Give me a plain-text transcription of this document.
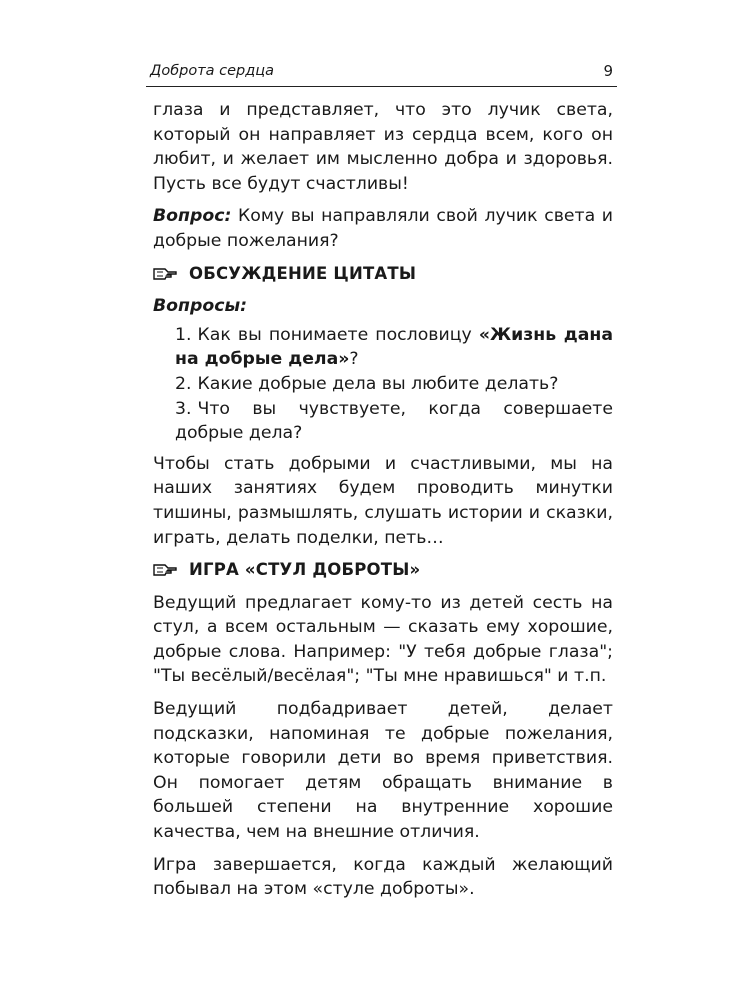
Доброта сердца	9

глаза и представляет, что это лучик света, который он направляет из сердца всем, кого он любит, и желает им мысленно добра и здоровья. Пусть все будут счастливы!

Вопрос: Кому вы направляли свой лучик света и добрые пожелания?

ОБСУЖДЕНИЕ ЦИТАТЫ

Вопросы:

1. Как вы понимаете пословицу «Жизнь дана на добрые дела»?
2. Какие добрые дела вы любите делать?
3. Что вы чувствуете, когда совершаете добрые дела?

Чтобы стать добрыми и счастливыми, мы на наших занятиях будем проводить минутки тишины, размышлять, слушать истории и сказки, играть, делать поделки, петь…

ИГРА «СТУЛ ДОБРОТЫ»

Ведущий предлагает кому-то из детей сесть на стул, а всем остальным — сказать ему хорошие, добрые слова. Например: "У тебя добрые глаза"; "Ты весёлый/весёлая"; "Ты мне нравишься" и т.п.

Ведущий подбадривает детей, делает подсказки, напоминая те добрые пожелания, которые говорили дети во время приветствия. Он помогает детям обращать внимание в большей степени на внутренние хорошие качества, чем на внешние отличия.

Игра завершается, когда каждый желающий побывал на этом «стуле доброты».
